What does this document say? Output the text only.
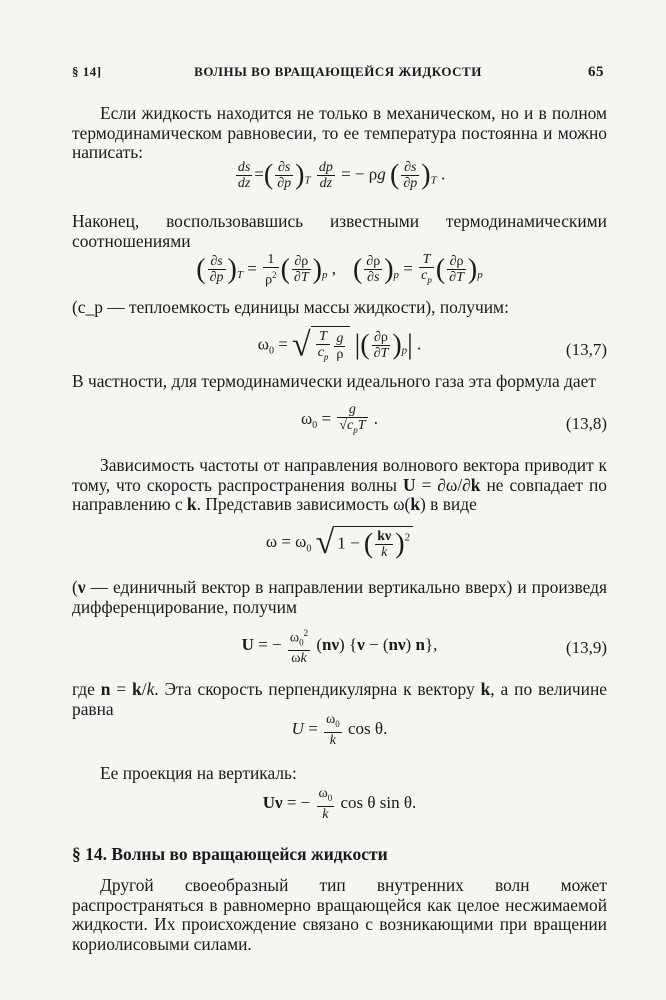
§ 14]	ВОЛНЫ ВО ВРАЩАЮЩЕЙСЯ ЖИДКОСТИ	65
Если жидкость находится не только в механическом, но и в полном термодинамическом равновесии, то ее температура постоянна и можно написать:
$\frac{ds}{dz}$ =( $\frac{\partial s}{\partial p} )_T \frac{dp}{dz}$ = − ρg ( $\frac{\partial s}{\partial p} )_T$ .
Наконец, воспользовавшись известными термодинамическими соотношениями
( $\frac{\partial s}{\partial p} )_T = \frac{1}{\rho^2}$ ( $\frac{\partial\rho}{\partial T} )_p$ ,    ( $\frac{\partial\rho}{\partial s} )_p = \frac{T}{c_p}$ ( $\frac{\partial\rho}{\partial T} )_p$
(c_p — теплоемкость единицы массы жидкости), получим:
$\omega_0$ = √ $\frac{T}{c_p} \frac{g}{\rho}$ |( $\frac{\partial\rho}{\partial T} )_p|$ .	(13,7)
В частности, для термодинамически идеального газа эта формула дает
$\omega_0 = \frac{g}{√c_pT}$ .	(13,8)
Зависимость частоты от направления волнового вектора приводит к тому, что скорость распространения волны U = ∂ω/∂k не совпадает по направлению с k. Представив зависимость ω(k) в виде
$\omega = \omega_0$ √ 1 − ( $\frac{k\nu}{k} )^2$
(ν — единичный вектор в направлении вертикально вверх) и произведя дифференцирование, получим
U = − $\frac{\omega_0^2}{\omega k} (n\nu) \{\nu - (n\nu)$ n},	(13,9)
где n = k/k. Эта скорость перпендикулярна к вектору k, а по величине равна
$U = \frac{\omega_0}{k}$ cos θ.
Ее проекция на вертикаль:
Uν = − $\frac{\omega_0}{k}$ cos θ sin θ.
§ 14. Волны во вращающейся жидкости
Другой своеобразный тип внутренних волн может распространяться в равномерно вращающейся как целое несжимаемой жидкости. Их происхождение связано с возникающими при вращении кориолисовыми силами.
